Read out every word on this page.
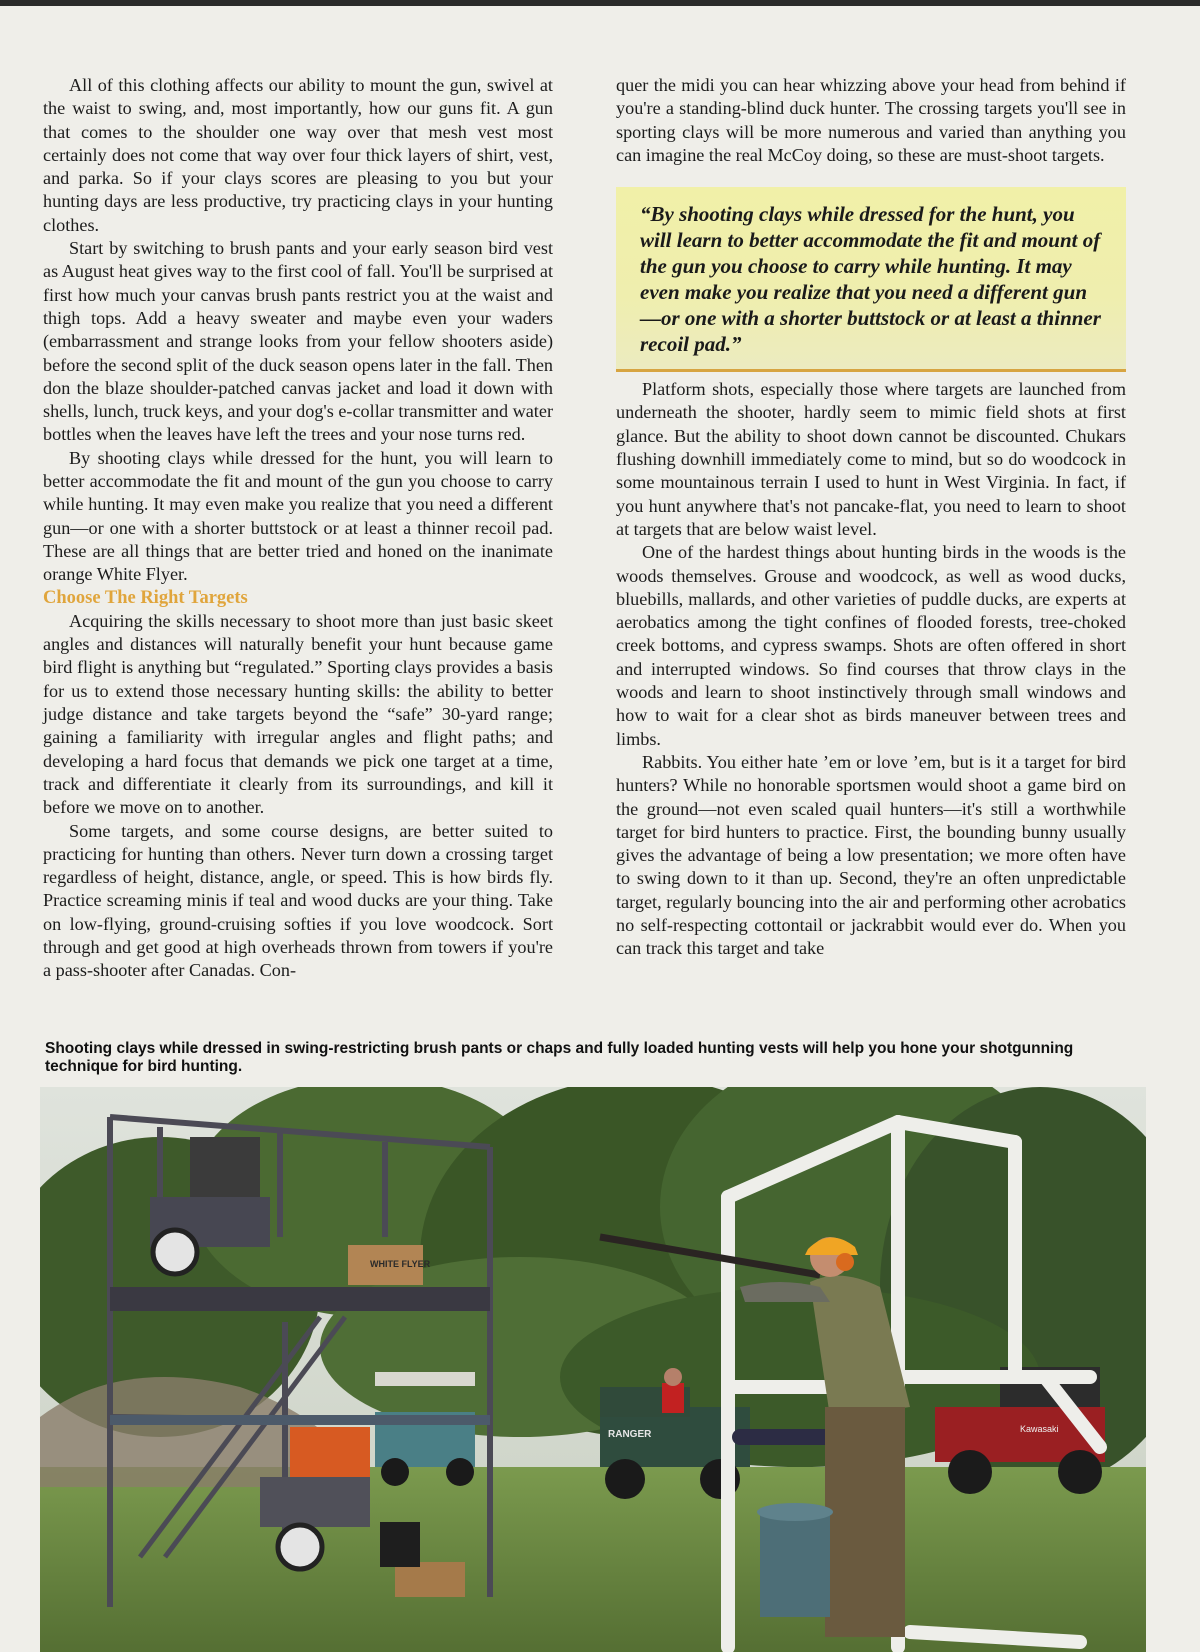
All of this clothing affects our ability to mount the gun, swivel at the waist to swing, and, most importantly, how our guns fit. A gun that comes to the shoulder one way over that mesh vest most certainly does not come that way over four thick layers of shirt, vest, and parka. So if your clays scores are pleasing to you but your hunting days are less productive, try practicing clays in your hunting clothes.

Start by switching to brush pants and your early season bird vest as August heat gives way to the first cool of fall. You'll be surprised at first how much your canvas brush pants restrict you at the waist and thigh tops. Add a heavy sweater and maybe even your waders (embarrassment and strange looks from your fellow shooters aside) before the second split of the duck season opens later in the fall. Then don the blaze shoulder-patched canvas jacket and load it down with shells, lunch, truck keys, and your dog's e-collar transmitter and water bottles when the leaves have left the trees and your nose turns red.

By shooting clays while dressed for the hunt, you will learn to better accommodate the fit and mount of the gun you choose to carry while hunting. It may even make you realize that you need a different gun—or one with a shorter buttstock or at least a thinner recoil pad. These are all things that are better tried and honed on the inanimate orange White Flyer.

Choose The Right Targets

Acquiring the skills necessary to shoot more than just basic skeet angles and distances will naturally benefit your hunt because game bird flight is anything but “regulated.” Sporting clays provides a basis for us to extend those necessary hunting skills: the ability to better judge distance and take targets beyond the “safe” 30-yard range; gaining a familiarity with irregular angles and flight paths; and developing a hard focus that demands we pick one target at a time, track and differentiate it clearly from its surroundings, and kill it before we move on to another.

Some targets, and some course designs, are better suited to practicing for hunting than others. Never turn down a crossing target regardless of height, distance, angle, or speed. This is how birds fly. Practice screaming minis if teal and wood ducks are your thing. Take on low-flying, ground-cruising softies if you love woodcock. Sort through and get good at high overheads thrown from towers if you're a pass-shooter after Canadas. Con-

quer the midi you can hear whizzing above your head from behind if you're a standing-blind duck hunter. The crossing targets you'll see in sporting clays will be more numerous and varied than anything you can imagine the real McCoy doing, so these are must-shoot targets.

“By shooting clays while dressed for the hunt, you will learn to better accommodate the fit and mount of the gun you choose to carry while hunting. It may even make you realize that you need a different gun—or one with a shorter buttstock or at least a thinner recoil pad.”

Platform shots, especially those where targets are launched from underneath the shooter, hardly seem to mimic field shots at first glance. But the ability to shoot down cannot be discounted. Chukars flushing downhill immediately come to mind, but so do woodcock in some mountainous terrain I used to hunt in West Virginia. In fact, if you hunt anywhere that's not pancake-flat, you need to learn to shoot at targets that are below waist level.

One of the hardest things about hunting birds in the woods is the woods themselves. Grouse and woodcock, as well as wood ducks, bluebills, mallards, and other varieties of puddle ducks, are experts at aerobatics among the tight confines of flooded forests, tree-choked creek bottoms, and cypress swamps. Shots are often offered in short and interrupted windows. So find courses that throw clays in the woods and learn to shoot instinctively through small windows and how to wait for a clear shot as birds maneuver between trees and limbs.

Rabbits. You either hate ’em or love ’em, but is it a target for bird hunters? While no honorable sportsmen would shoot a game bird on the ground—not even scaled quail hunters—it's still a worthwhile target for bird hunters to practice. First, the bounding bunny usually gives the advantage of being a low presentation; we more often have to swing down to it than up. Second, they're an often unpredictable target, regularly bouncing into the air and performing other acrobatics no self-respecting cottontail or jackrabbit would ever do. When you can track this target and take

Shooting clays while dressed in swing-restricting brush pants or chaps and fully loaded hunting vests will help you hone your shotgunning technique for bird hunting.
RANGER	Kawasaki
WHITE FLYER
